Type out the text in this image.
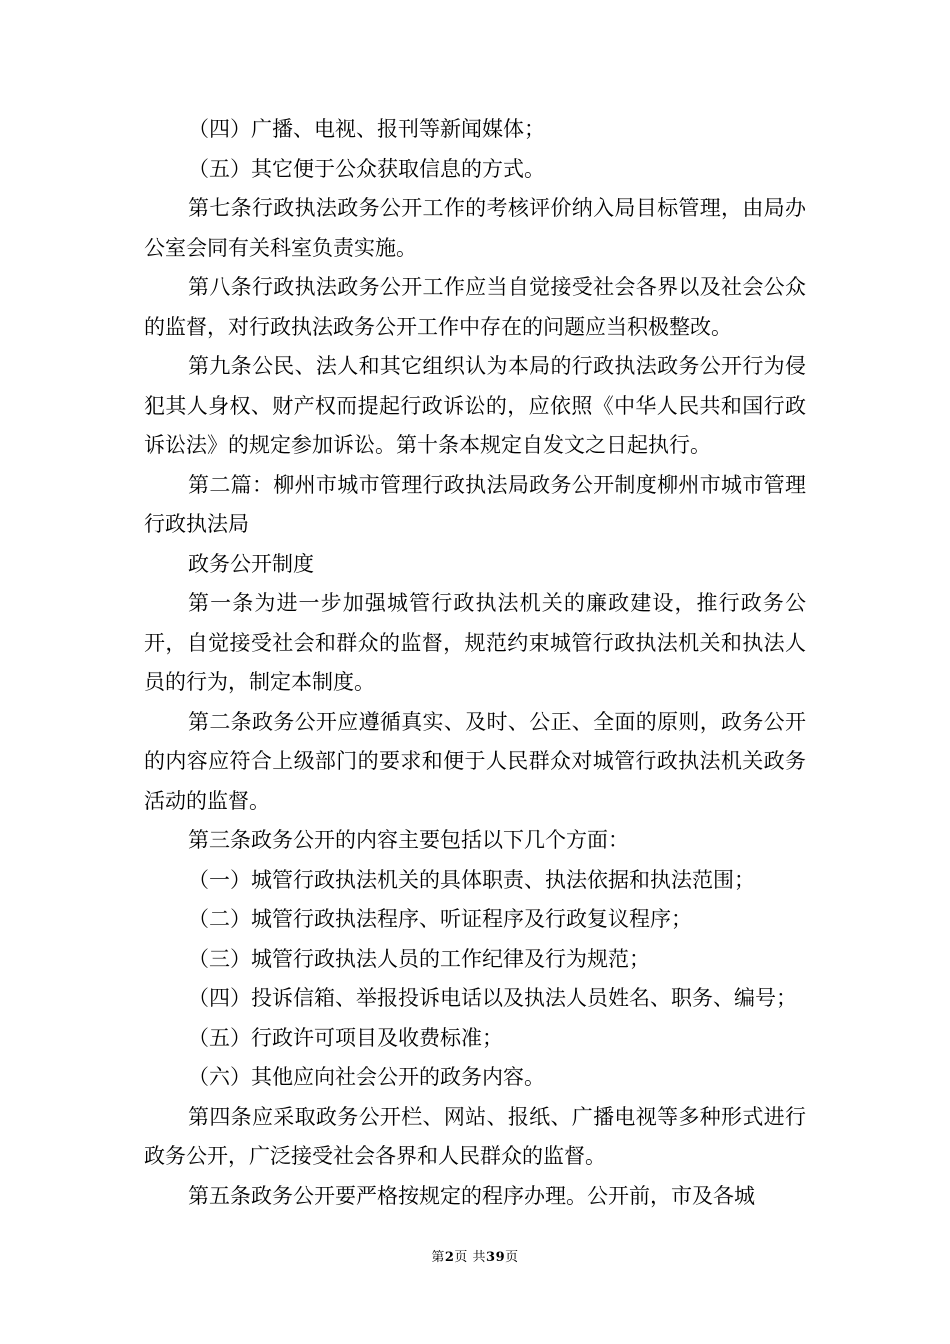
（四）广播、电视、报刊等新闻媒体；

（五）其它便于公众获取信息的方式。

第七条行政执法政务公开工作的考核评价纳入局目标管理，由局办公室会同有关科室负责实施。

第八条行政执法政务公开工作应当自觉接受社会各界以及社会公众的监督，对行政执法政务公开工作中存在的问题应当积极整改。

第九条公民、法人和其它组织认为本局的行政执法政务公开行为侵犯其人身权、财产权而提起行政诉讼的，应依照《中华人民共和国行政诉讼法》的规定参加诉讼。第十条本规定自发文之日起执行。

第二篇：柳州市城市管理行政执法局政务公开制度柳州市城市管理行政执法局

政务公开制度

第一条为进一步加强城管行政执法机关的廉政建设，推行政务公开，自觉接受社会和群众的监督，规范约束城管行政执法机关和执法人员的行为，制定本制度。

第二条政务公开应遵循真实、及时、公正、全面的原则，政务公开的内容应符合上级部门的要求和便于人民群众对城管行政执法机关政务活动的监督。

第三条政务公开的内容主要包括以下几个方面：

（一）城管行政执法机关的具体职责、执法依据和执法范围；

（二）城管行政执法程序、听证程序及行政复议程序；

（三）城管行政执法人员的工作纪律及行为规范；

（四）投诉信箱、举报投诉电话以及执法人员姓名、职务、编号；

（五）行政许可项目及收费标准；

（六）其他应向社会公开的政务内容。

第四条应采取政务公开栏、网站、报纸、广播电视等多种形式进行政务公开，广泛接受社会各界和人民群众的监督。

第五条政务公开要严格按规定的程序办理。公开前，市及各城

第2页 共39页
